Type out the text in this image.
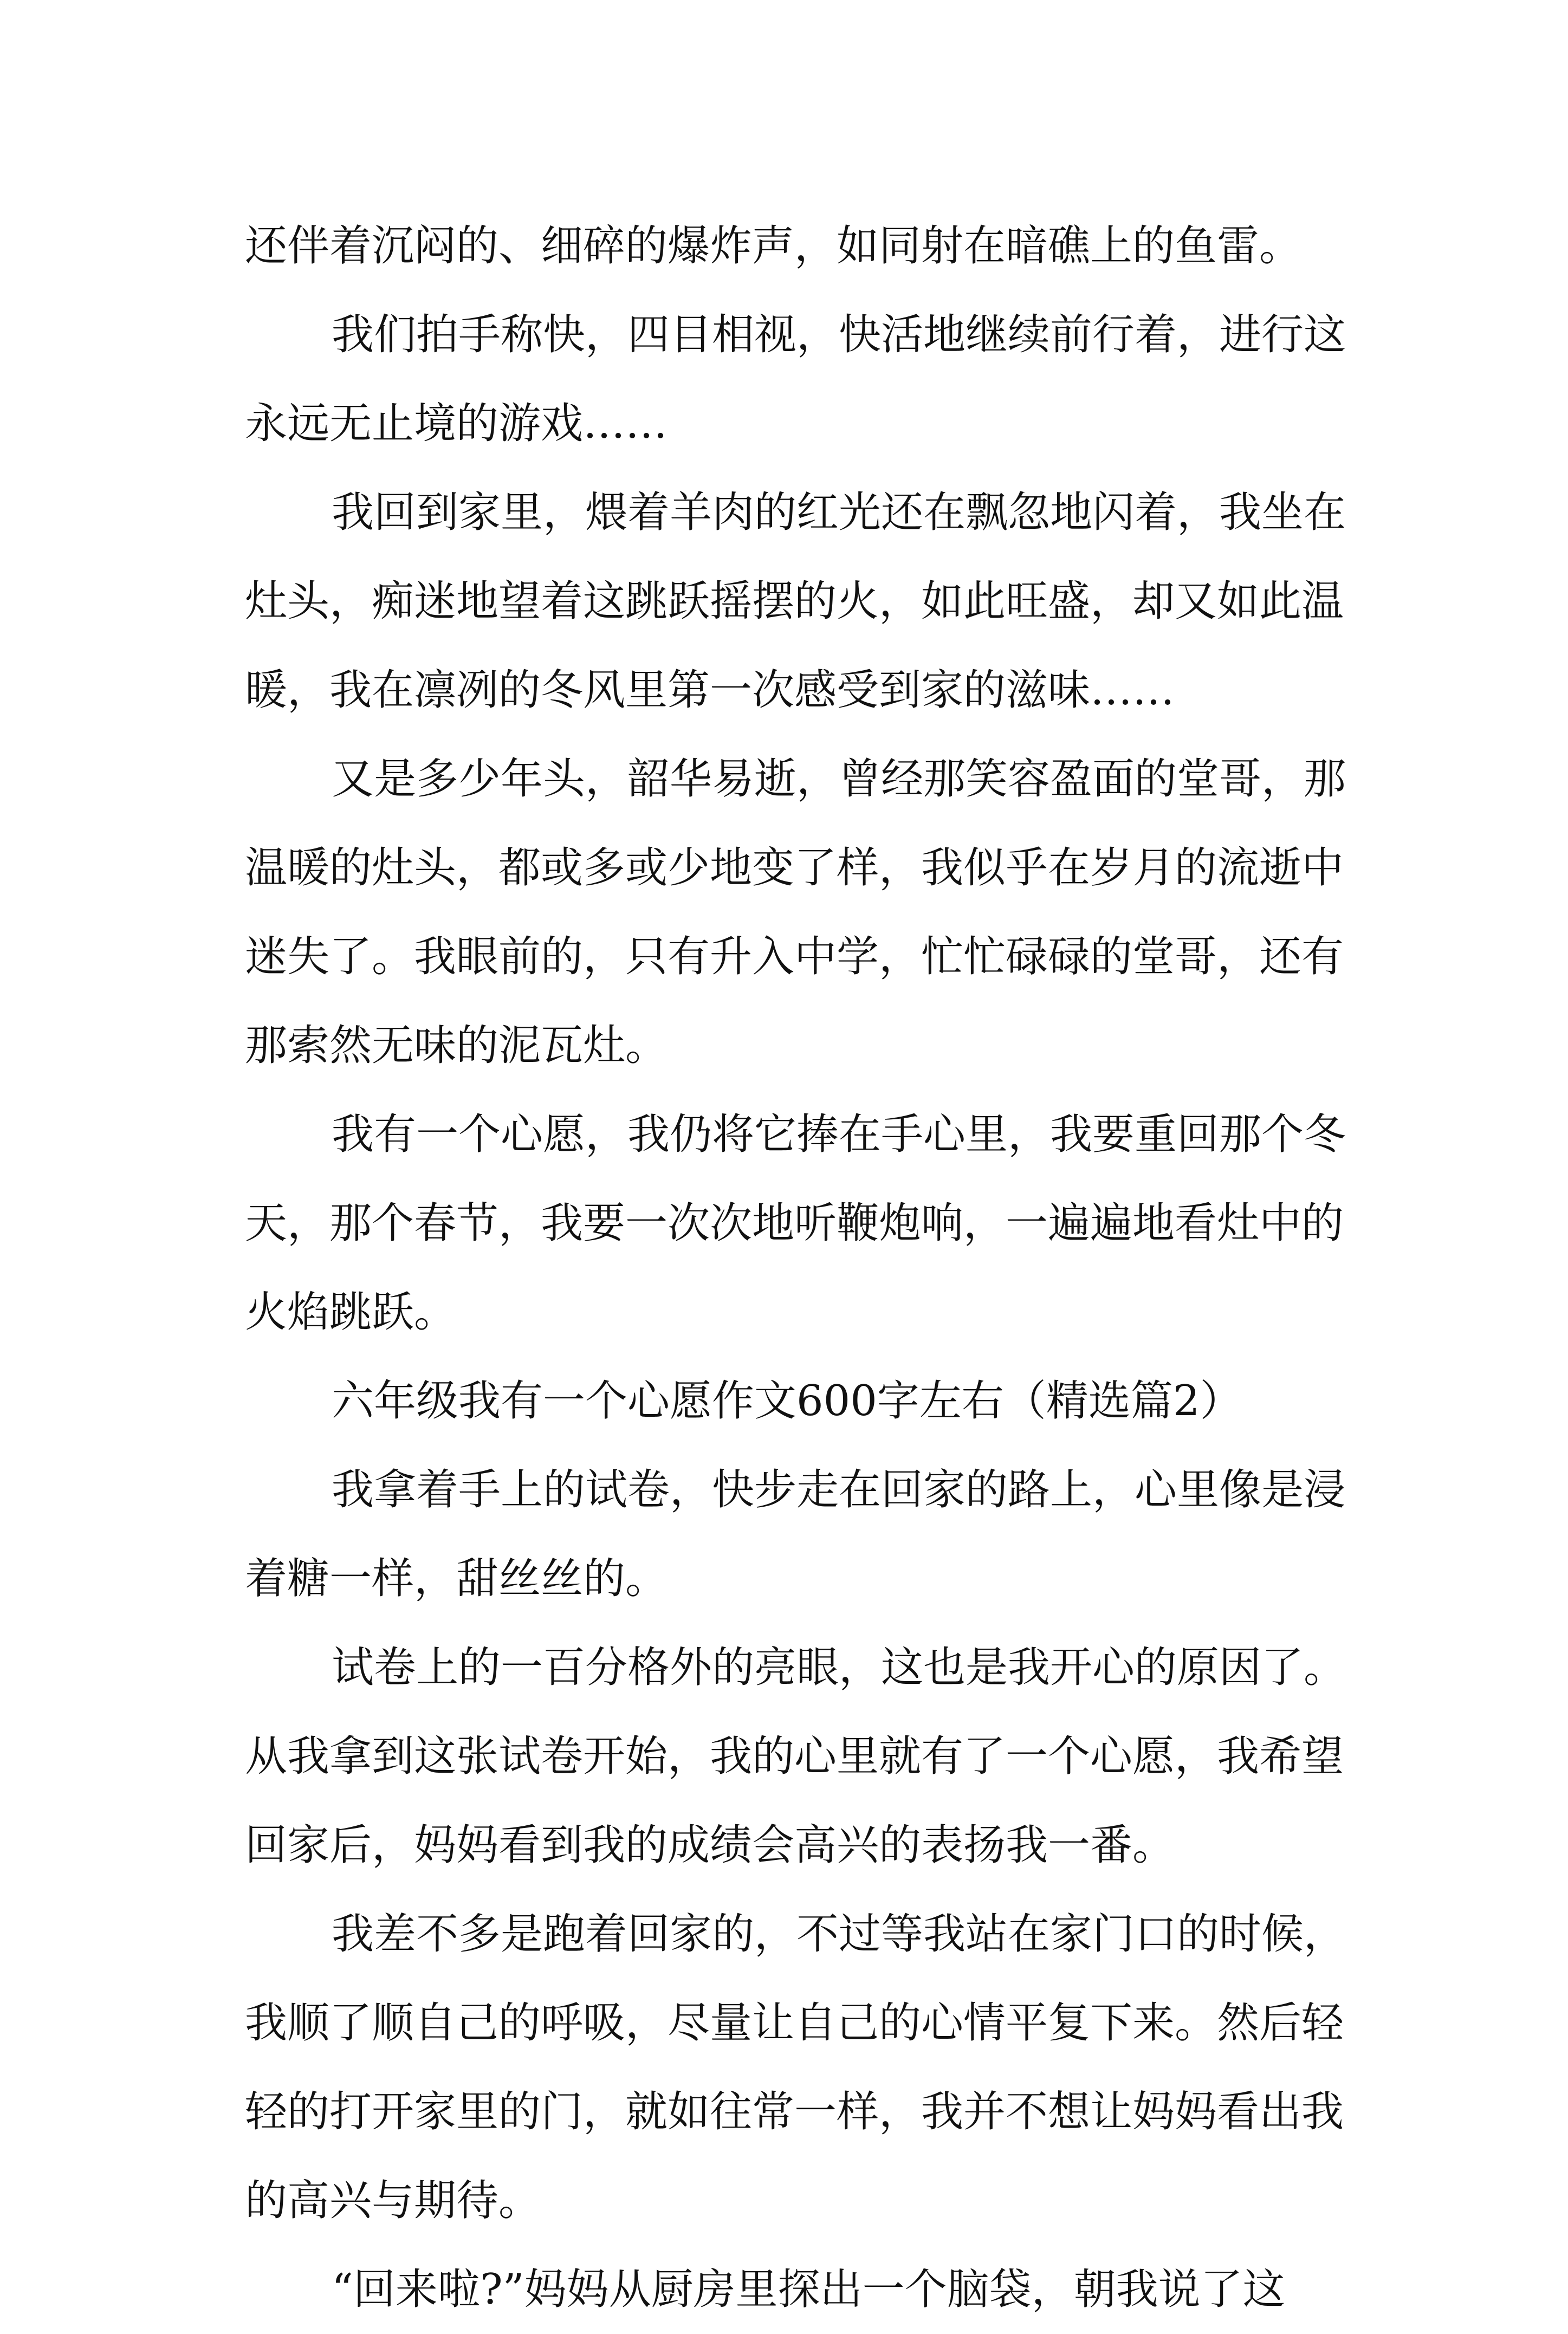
还伴着沉闷的、细碎的爆炸声，如同射在暗礁上的鱼雷。
我们拍手称快，四目相视，快活地继续前行着，进行这
永远无止境的游戏……
我回到家里，煨着羊肉的红光还在飘忽地闪着，我坐在
灶头，痴迷地望着这跳跃摇摆的火，如此旺盛，却又如此温
暖，我在凛冽的冬风里第一次感受到家的滋味……
又是多少年头，韶华易逝，曾经那笑容盈面的堂哥，那
温暖的灶头，都或多或少地变了样，我似乎在岁月的流逝中
迷失了。我眼前的，只有升入中学，忙忙碌碌的堂哥，还有
那索然无味的泥瓦灶。
我有一个心愿，我仍将它捧在手心里，我要重回那个冬
天，那个春节，我要一次次地听鞭炮响，一遍遍地看灶中的
火焰跳跃。
六年级我有一个心愿作文600字左右（精选篇2）
我拿着手上的试卷，快步走在回家的路上，心里像是浸
着糖一样，甜丝丝的。
试卷上的一百分格外的亮眼，这也是我开心的原因了。
从我拿到这张试卷开始，我的心里就有了一个心愿，我希望
回家后，妈妈看到我的成绩会高兴的表扬我一番。
我差不多是跑着回家的，不过等我站在家门口的时候，
我顺了顺自己的呼吸，尽量让自己的心情平复下来。然后轻
轻的打开家里的门，就如往常一样，我并不想让妈妈看出我
的高兴与期待。
“回来啦?”妈妈从厨房里探出一个脑袋，朝我说了这
